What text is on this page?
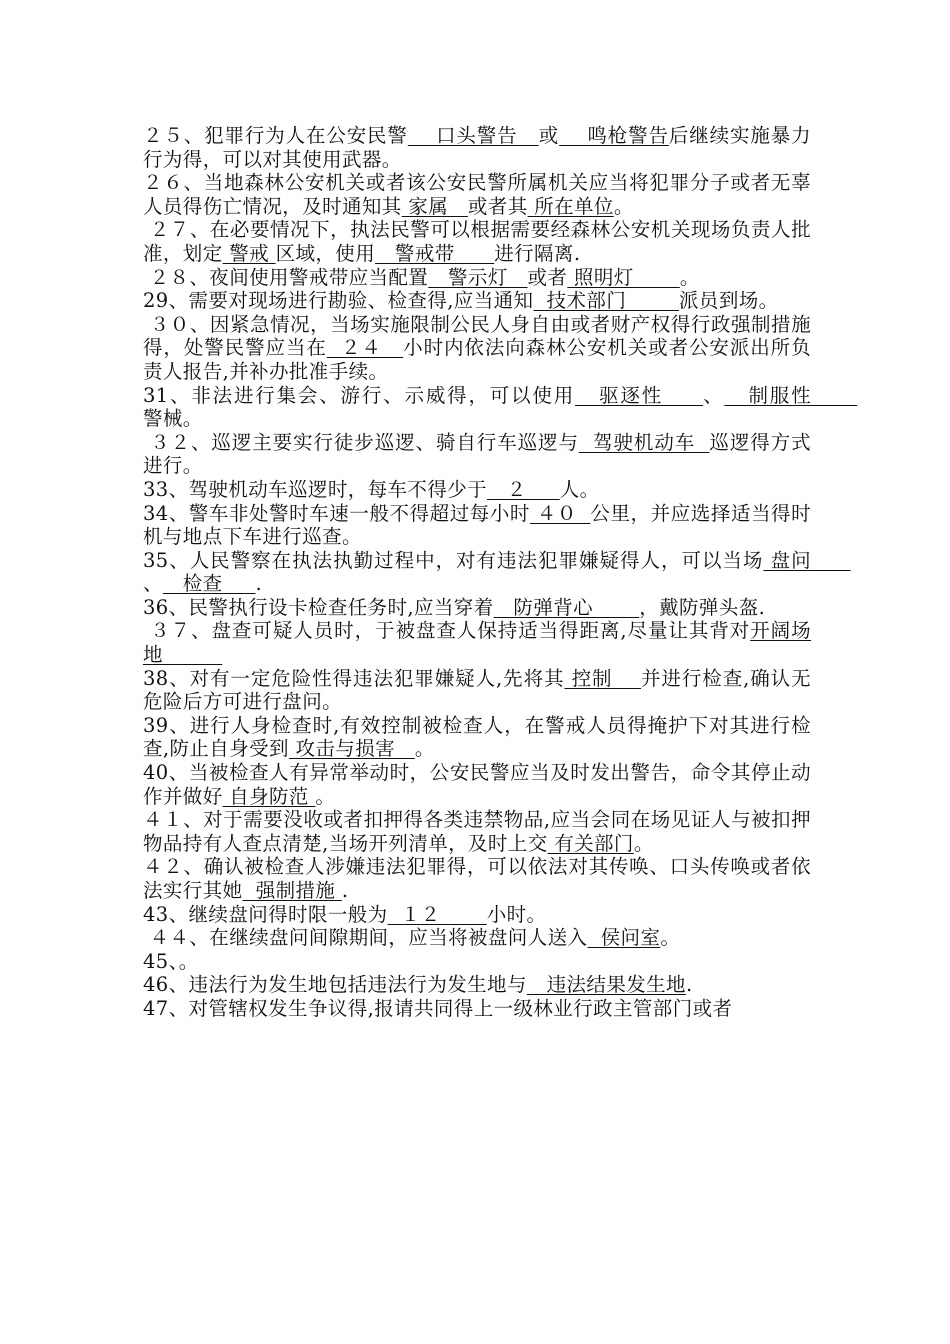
２５、犯罪行为人在公安民警    口头警告   或    鸣枪警告后继续实施暴力行为得，可以对其使用武器。

２６、当地森林公安机关或者该公安民警所属机关应当将犯罪分子或者无辜人员得伤亡情况，及时通知其 家属   或者其 所在单位。

２７、在必要情况下，执法民警可以根据需要经森林公安机关现场负责人批准，划定 警戒 区域，使用   警戒带      进行隔离.

２８、夜间使用警戒带应当配置   警示灯   或者 照明灯       。

29、需要对现场进行勘验、检查得,应当通知  技术部门        派员到场。

３０、因紧急情况，当场实施限制公民人身自由或者财产权得行政强制措施得，处警民警应当在  ２４   小时内依法向森林公安机关或者公安派出所负责人报告,并补办批准手续。

31、非法进行集会、游行、示威得，可以使用   驱逐性     、   制服性       警械。

３２、巡逻主要实行徒步巡逻、骑自行车巡逻与  驾驶机动车  巡逻得方式进行。

33、驾驶机动车巡逻时，每车不得少于   ２     人。

34、警车非处警时车速一般不得超过每小时 ４０  公里，并应选择适当得时机与地点下车进行巡查。

35、人民警察在执法执勤过程中，对有违法犯罪嫌疑得人，可以当场 盘问      、   检查     .

36、民警执行设卡检查任务时,应当穿着   防弹背心       ，戴防弹头盔.

３７、盘查可疑人员时，于被盘查人保持适当得距离,尽量让其背对开阔场地

38、对有一定危险性得违法犯罪嫌疑人,先将其 控制    并进行检查,确认无危险后方可进行盘问。

39、进行人身检查时,有效控制被检查人，在警戒人员得掩护下对其进行检查,防止自身受到 攻击与损害   。

40、当被检查人有异常举动时，公安民警应当及时发出警告，命令其停止动作并做好 自身防范 。

４１、对于需要没收或者扣押得各类违禁物品,应当会同在场见证人与被扣押物品持有人查点清楚,当场开列清单，及时上交 有关部门。

４２、确认被检查人涉嫌违法犯罪得，可以依法对其传唤、口头传唤或者依法实行其她  强制措施 .

43、继续盘问得时限一般为  １２       小时。

４４、在继续盘问间隙期间，应当将被盘问人送入  侯问室。

45、。

46、违法行为发生地包括违法行为发生地与   违法结果发生地.

47、对管辖权发生争议得,报请共同得上一级林业行政主管部门或者
